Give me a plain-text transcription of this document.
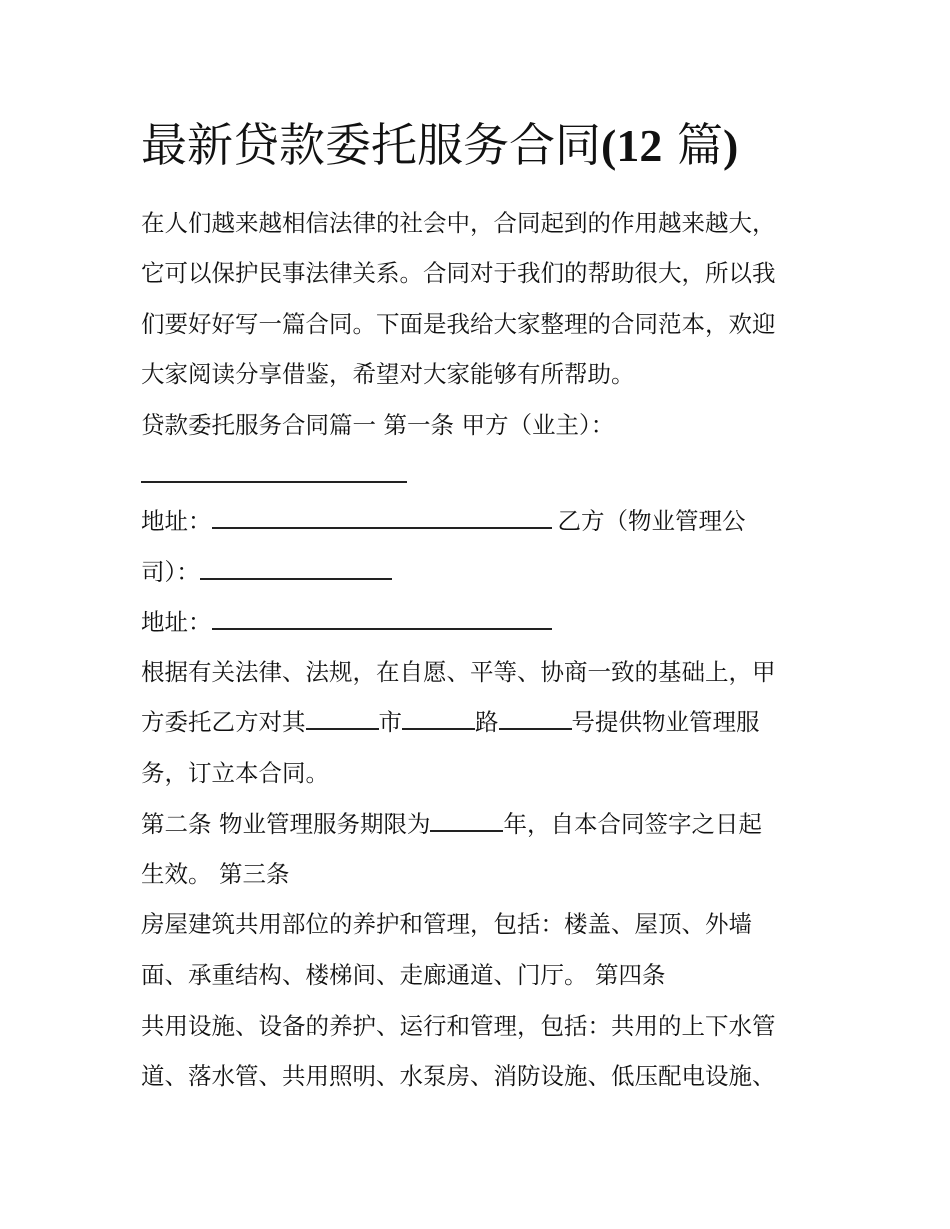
最新贷款委托服务合同(12 篇)
在人们越来越相信法律的社会中，合同起到的作用越来越大，
它可以保护民事法律关系。合同对于我们的帮助很大，所以我
们要好好写一篇合同。下面是我给大家整理的合同范本，欢迎
大家阅读分享借鉴，希望对大家能够有所帮助。
贷款委托服务合同篇一 第一条 甲方（业主）：
地址：	乙方（物业管理公
司）：
地址：
根据有关法律、法规，在自愿、平等、协商一致的基础上，甲
方委托乙方对其	市	路	号提供物业管理服
务，订立本合同。
第二条 物业管理服务期限为	年，自本合同签字之日起
生效。 第三条
房屋建筑共用部位的养护和管理，包括：楼盖、屋顶、外墙
面、承重结构、楼梯间、走廊通道、门厅。 第四条
共用设施、设备的养护、运行和管理，包括：共用的上下水管
道、落水管、共用照明、水泵房、消防设施、低压配电设施、
